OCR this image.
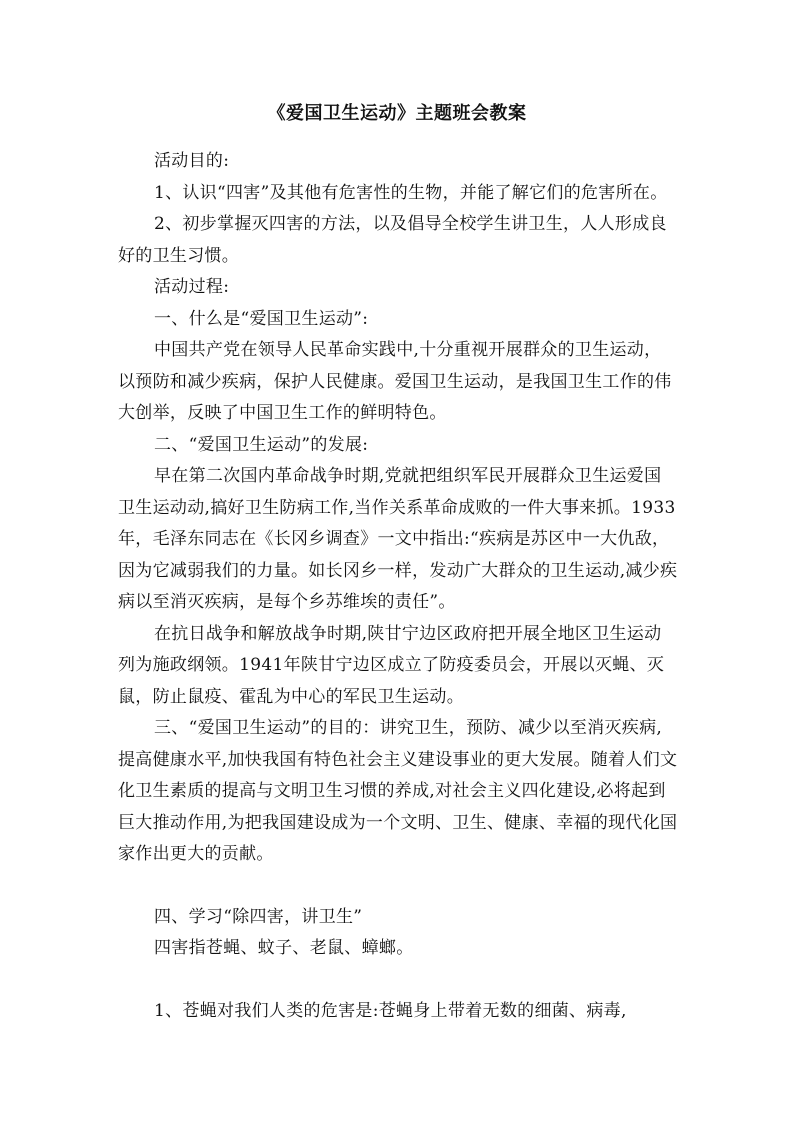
《爱国卫生运动》主题班会教案

活动目的:

1、认识“四害”及其他有危害性的生物，并能了解它们的危害所在。

2、初步掌握灭四害的方法，以及倡导全校学生讲卫生，人人形成良好的卫生习惯。

活动过程:

一、什么是“爱国卫生运动”:

中国共产党在领导人民革命实践中,十分重视开展群众的卫生运动，以预防和减少疾病，保护人民健康。爱国卫生运动，是我国卫生工作的伟大创举，反映了中国卫生工作的鲜明特色。

二、“爱国卫生运动”的发展:

早在第二次国内革命战争时期,党就把组织军民开展群众卫生运爱国卫生运动动,搞好卫生防病工作,当作关系革命成败的一件大事来抓。1933年，毛泽东同志在《长冈乡调查》一文中指出:“疾病是苏区中一大仇敌，因为它减弱我们的力量。如长冈乡一样，发动广大群众的卫生运动,减少疾病以至消灭疾病，是每个乡苏维埃的责任”。

在抗日战争和解放战争时期,陕甘宁边区政府把开展全地区卫生运动列为施政纲领。1941年陕甘宁边区成立了防疫委员会，开展以灭蝇、灭鼠，防止鼠疫、霍乱为中心的军民卫生运动。

三、“爱国卫生运动”的目的：讲究卫生，预防、减少以至消灭疾病,提高健康水平,加快我国有特色社会主义建设事业的更大发展。随着人们文化卫生素质的提高与文明卫生习惯的养成,对社会主义四化建设,必将起到巨大推动作用,为把我国建设成为一个文明、卫生、健康、幸福的现代化国家作出更大的贡献。

四、学习“除四害，讲卫生”

四害指苍蝇、蚊子、老鼠、蟑螂。

1、苍蝇对我们人类的危害是:苍蝇身上带着无数的细菌、病毒,
